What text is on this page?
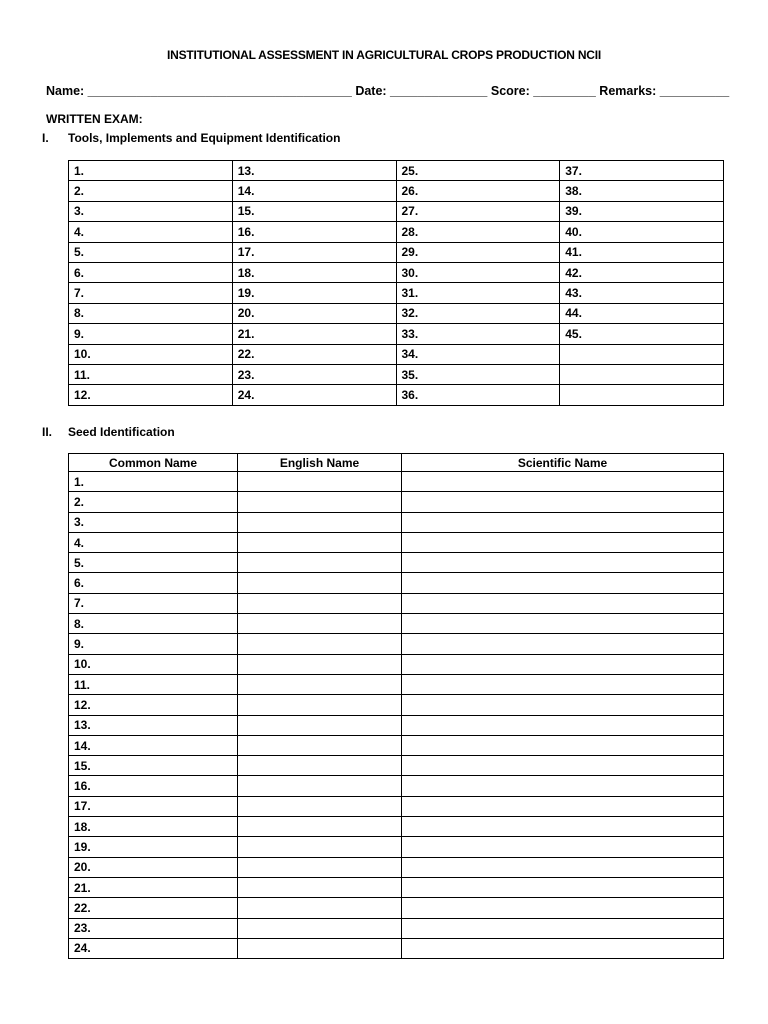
INSTITUTIONAL ASSESSMENT IN AGRICULTURAL CROPS PRODUCTION NCII
Name: ______________________________________ Date: ______________ Score: _________ Remarks: __________
WRITTEN EXAM:
I. Tools, Implements and Equipment Identification
1.	13.	25.	37.
2.	14.	26.	38.
3.	15.	27.	39.
4.	16.	28.	40.
5.	17.	29.	41.
6.	18.	30.	42.
7.	19.	31.	43.
8.	20.	32.	44.
9.	21.	33.	45.
10.	22.	34.	
11.	23.	35.	
12.	24.	36.	
II. Seed Identification
Common Name	English Name	Scientific Name
1.		
2.		
3.		
4.		
5.		
6.		
7.		
8.		
9.		
10.		
11.		
12.		
13.		
14.		
15.		
16.		
17.		
18.		
19.		
20.		
21.		
22.		
23.		
24.		
